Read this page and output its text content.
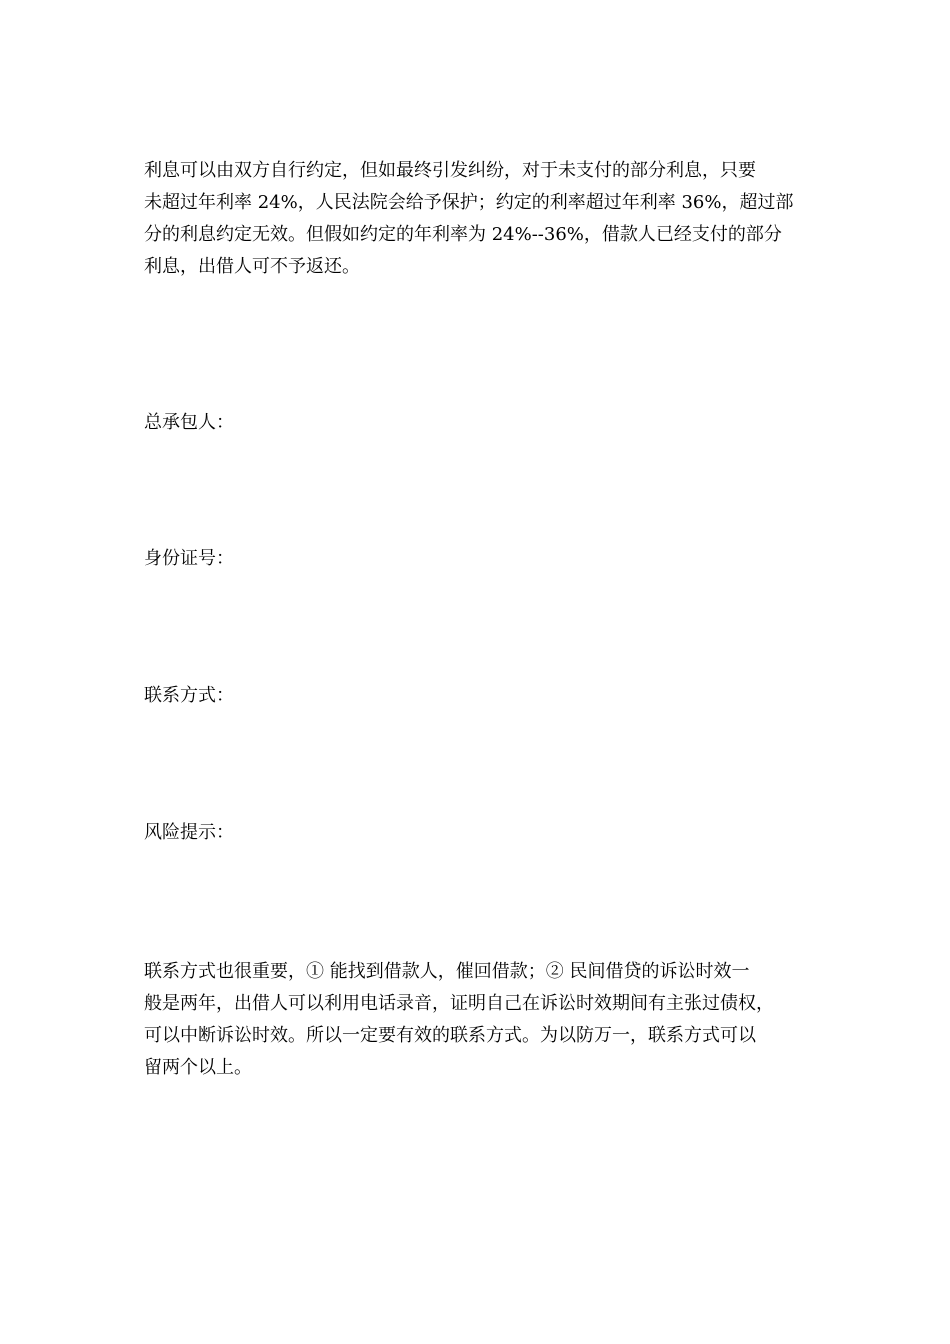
利息可以由双方自行约定，但如最终引发纠纷，对于未支付的部分利息，只要
未超过年利率 24%，人民法院会给予保护；约定的利率超过年利率 36%，超过部
分的利息约定无效。但假如约定的年利率为 24%--36%，借款人已经支付的部分
利息，出借人可不予返还。

总承包人：

身份证号：

联系方式：

风险提示：

联系方式也很重要，① 能找到借款人，催回借款；② 民间借贷的诉讼时效一
般是两年，出借人可以利用电话录音，证明自己在诉讼时效期间有主张过债权，
可以中断诉讼时效。所以一定要有效的联系方式。为以防万一，联系方式可以
留两个以上。
